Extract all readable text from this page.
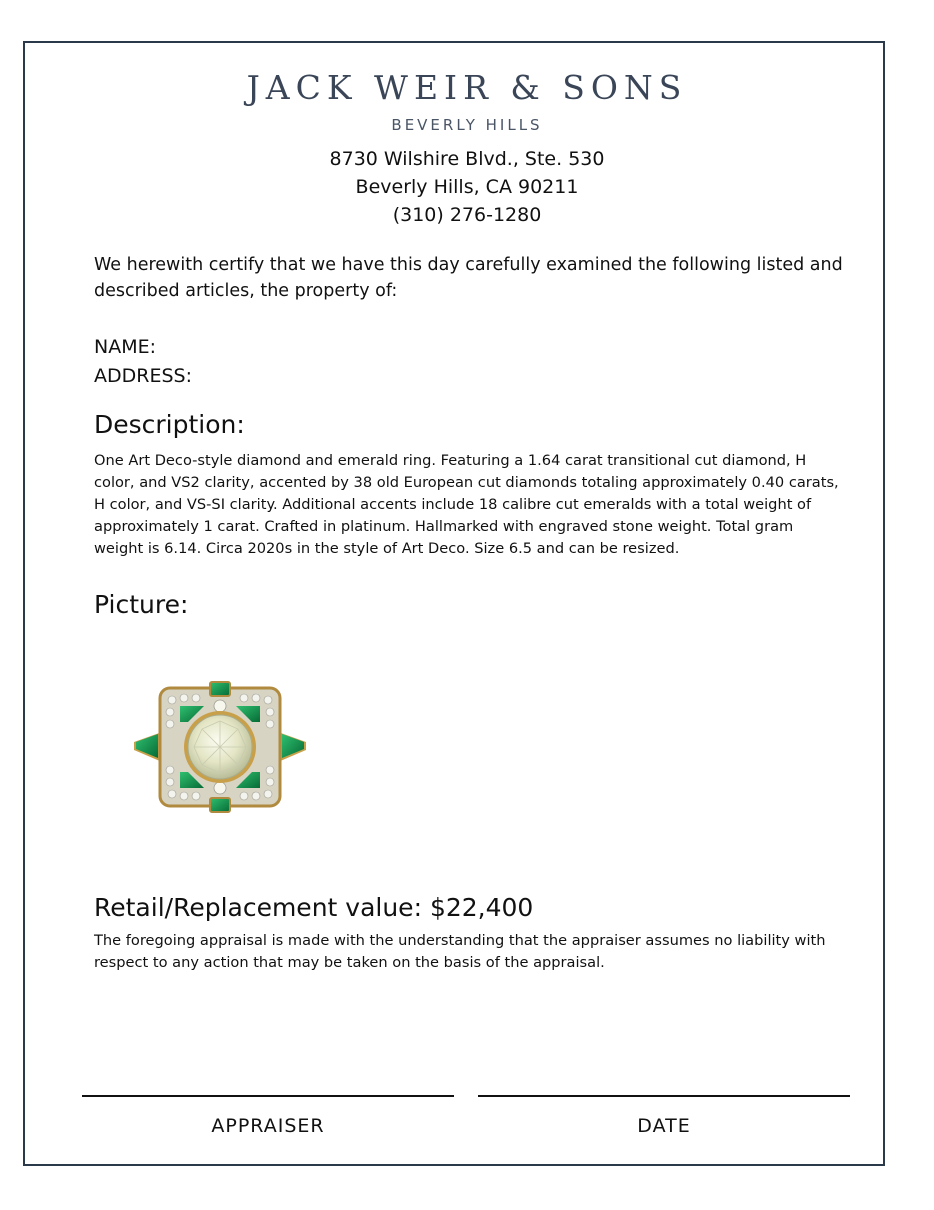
JACK WEIR & SONS
BEVERLY HILLS
8730 Wilshire Blvd., Ste. 530
Beverly Hills, CA 90211
(310) 276-1280
We herewith certify that we have this day carefully examined the following listed and described articles, the property of:
NAME:
ADDRESS:
Description:
One Art Deco-style diamond and emerald ring. Featuring a 1.64 carat transitional cut diamond, H color, and VS2 clarity, accented by 38 old European cut diamonds totaling approximately 0.40 carats, H color, and VS-SI clarity. Additional accents include 18 calibre cut emeralds with a total weight of approximately 1 carat. Crafted in platinum. Hallmarked with engraved stone weight. Total gram weight is 6.14. Circa 2020s in the style of Art Deco. Size 6.5 and can be resized.
Picture:
Retail/Replacement value: $22,400
The foregoing appraisal is made with the understanding that the appraiser assumes no liability with respect to any action that may be taken on the basis of the appraisal.
APPRAISER	DATE
